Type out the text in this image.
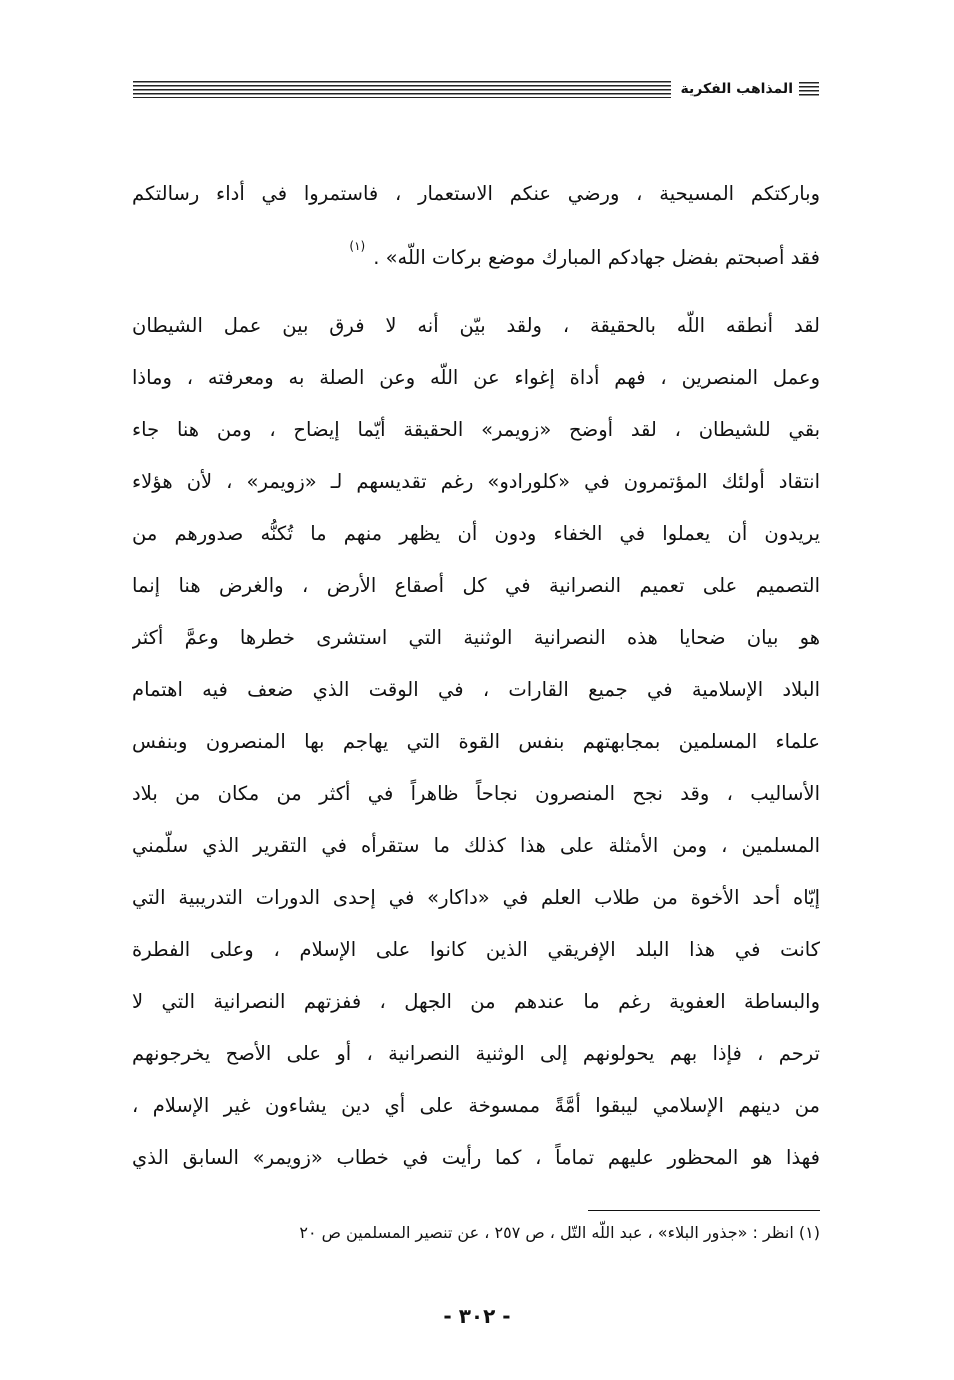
المذاهب الفكرية
وباركتكم المسيحية ، ورضي عنكم الاستعمار ، فاستمروا في أداء رسالتكم
فقد أصبحتم بفضل جهادكم المبارك موضع بركات اللّه» .$^{(١)}$
لقد أنطقه اللّه بالحقيقة ، ولقد بيّن أنه لا فرق بين عمل الشيطان
وعمل المنصرين ، فهم أداة إغواء عن اللّه وعن الصلة به ومعرفته ، وماذا
بقي للشيطان ، لقد أوضح «زويمر» الحقيقة أيّما إيضاح ، ومن هنا جاء
انتقاد أولئك المؤتمرون في «كلورادو» رغم تقديسهم لـ «زويمر» ، لأن هؤلاء
يريدون أن يعملوا في الخفاء ودون أن يظهر منهم ما تُكنُّه صدورهم من
التصميم على تعميم النصرانية في كل أصقاع الأرض ، والغرض هنا إنما
هو بيان ضحايا هذه النصرانية الوثنية التي استشرى خطرها وعمَّ أكثر
البلاد الإسلامية في جميع القارات ، في الوقت الذي ضعف فيه اهتمام
علماء المسلمين بمجابهتهم بنفس القوة التي يهاجم بها المنصرون وبنفس
الأساليب ، وقد نجح المنصرون نجاحاً ظاهراً في أكثر من مكان من بلاد
المسلمين ، ومن الأمثلة على هذا كذلك ما ستقرأه في التقرير الذي سلّمني
إيّاه أحد الأخوة من طلاب العلم في «داكار» في إحدى الدورات التدريبية التي
كانت في هذا البلد الإفريقي الذين كانوا على الإسلام ، وعلى الفطرة
والبساطة العفوية رغم ما عندهم من الجهل ، ففزتهم النصرانية التي لا
ترحم ، فإذا بهم يحولونهم إلى الوثنية النصرانية ، أو على الأصح يخرجونهم
من دينهم الإسلامي ليبقوا أمَّةً ممسوخة على أي دين يشاءون غير الإسلام ،
فهذا هو المحظور عليهم تماماً ، كما رأيت في خطاب «زويمر» السابق الذي
(١) انظر : «جذور البلاء» ، عبد اللّه التّل ، ص ٢٥٧ ، عن تنصير المسلمين ص ٢٠
- ٣٠٢ -
